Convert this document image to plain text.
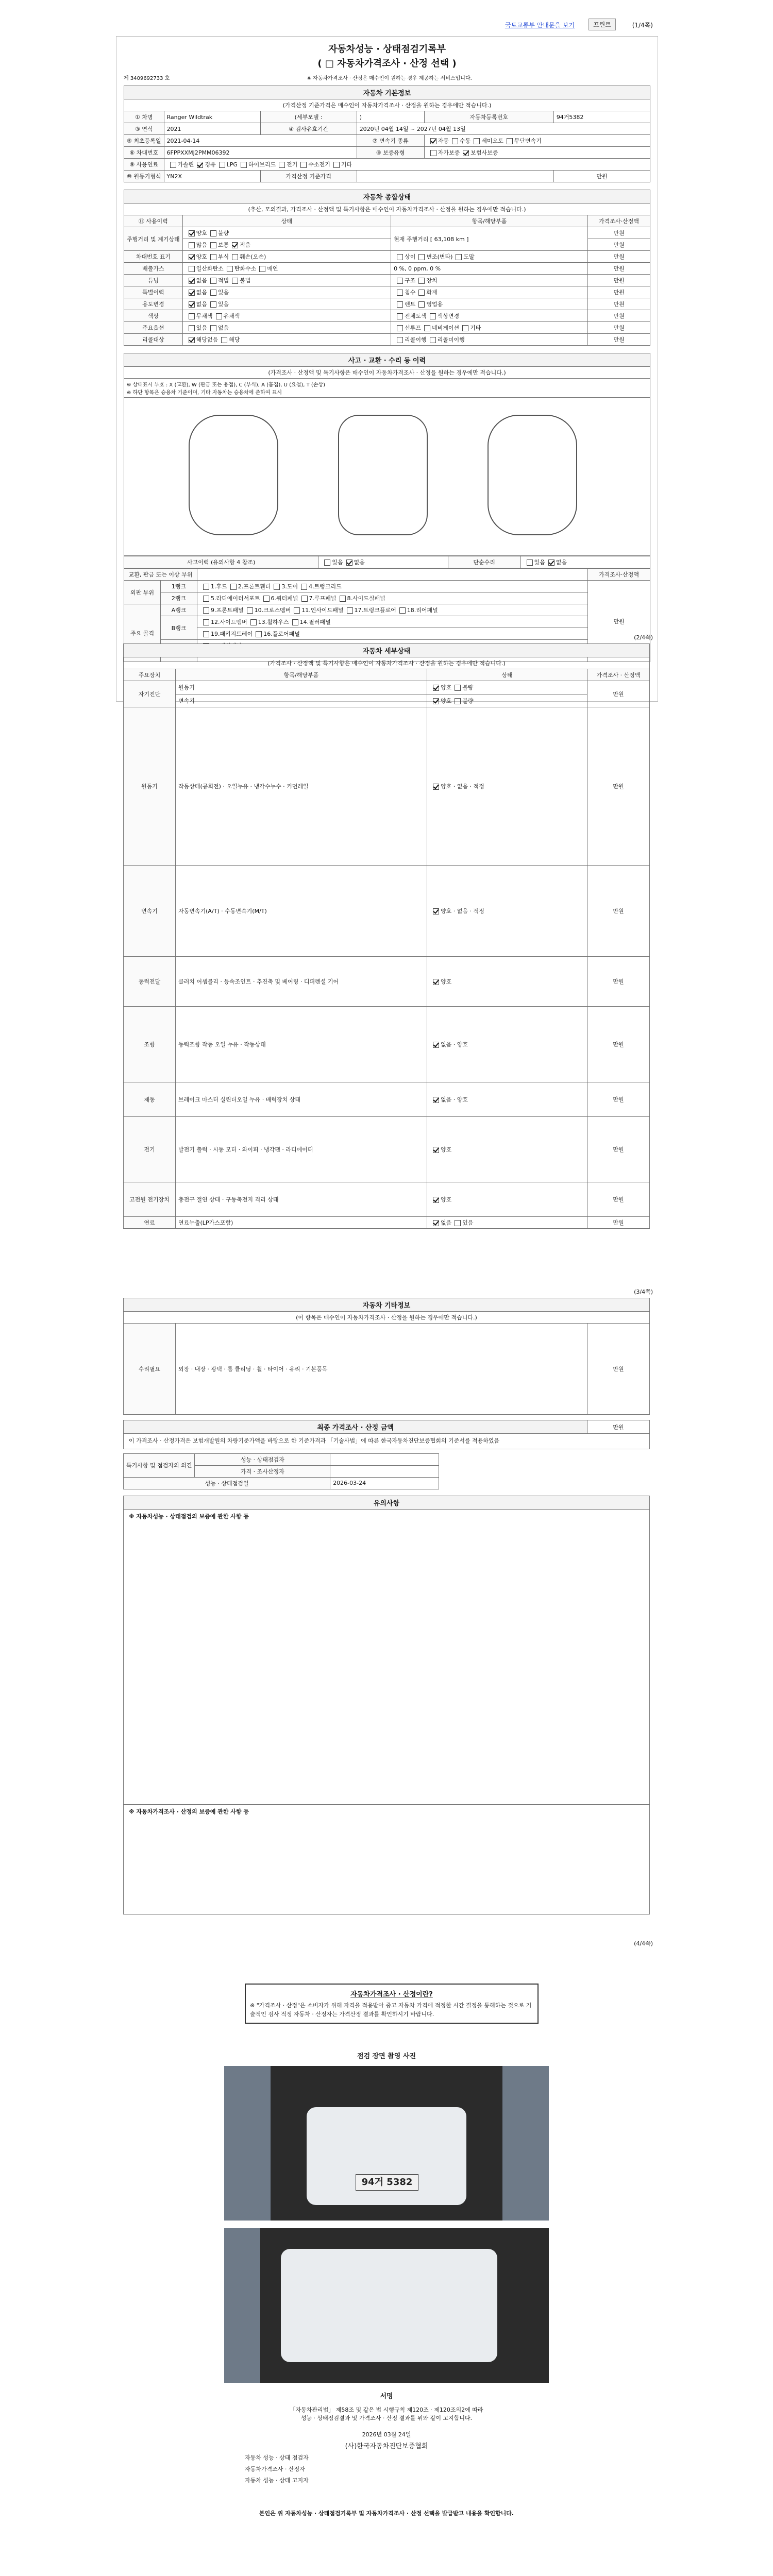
국토교통부 안내문을 보기	프린트	(1/4쪽)
자동차성능 · 상태점검기록부
( □ 자동차가격조사 · 산정 선택 )
제 3409692733 호	※ 자동차가격조사 · 산정은 매수인이 원하는 경우 제공하는 서비스입니다.
자동차 기본정보					
(가격산정 기준가격은 매수인이 자동차가격조사 · 산정을 원하는 경우에만 적습니다.)					
① 차명	Ranger Wildtrak	(세부모델 :	)	자동차등록번호	94거5382
③ 연식	2021	④ 검사유효기간	2020년 04월 14일 ~ 2027년 04월 13일		
⑤ 최초등록일	2021-04-14		⑦ 변속기 종류	자동 수동 세미오토 무단변속기	
⑥ 차대번호	6FPPXXMJ2PMM06392		⑧ 보증유형	자가보증 보험사보증	
⑨ 사용연료	가솔린 경유 LPG 하이브리드 전기 수소전기 기타				
⑩ 원동기형식	YN2X	가격산정 기준가격			만원
자동차 종합상태			
(추산, 모의결과, 가격조사 · 산정액 및 특기사항은 매수인이 자동차가격조사 · 산정을 원하는 경우에만 적습니다.)			
⑪ 사용이력	상태	항목/해당부품	가격조사·산정액
주행거리 및 계기상태	양호 불량	현재 주행거리 [ 63,108 km ]	만원
	많음 보통 적음		만원
차대번호 표기	양호 부식 훼손(오손)	상이 변조(변타) 도말	만원
배출가스	일산화탄소 탄화수소 매연	0 %, 0 ppm, 0 %	만원
튜닝	없음 적법 불법	구조 장치	만원
특별이력	없음 있음	침수 화재	만원
용도변경	없음 있음	렌트 영업용	만원
색상	무채색 유채색	전체도색 색상변경	만원
주요옵션	있음 없음	선루프 네비게이션 기타	만원
리콜대상	해당없음 해당	리콜이행 리콜미이행	만원
사고 · 교환 · 수리 등 이력
(가격조사 · 산정액 및 특기사항은 매수인이 자동차가격조사 · 산정을 원하는 경우에만 적습니다.)

※ 상태표시 부호 : X (교환), W (판금 또는 용접), C (부식), A (흠집), U (요철), T (손상)
※ 하단 항목은 승용차 기준이며, 기타 자동차는 승용차에 준하여 표시

사고이력 (유의사항 4 참조)	있음 없음	단순수리	있음 없음
교환, 판금 또는 이상 부위			가격조사·산정액
외판 부위	1랭크	1.후드 2.프론트휀더 3.도어 4.트렁크리드	만원
	2랭크	5.라디에이터서포트 6.쿼터패널 7.루프패널 8.사이드실패널	
주요 골격	A랭크	9.프론트패널 10.크로스멤버 11.인사이드패널 17.트렁크플로어 18.리어패널	
	B랭크	12.사이드멤버 13.휠하우스 14.필러패널	
		19.패키지트레이 16.플로어패널	

(2/4쪽)
자동차 세부상태			
(가격조사 · 산정액 및 특기사항은 매수인이 자동차가격조사 · 산정을 원하는 경우에만 적습니다.)			
주요장치	항목/해당부품	상태	가격조사 · 산정액
자기진단	원동기	양호 불량	만원
	변속기	양호 불량	
원동기	작동상태(공회전) · 오일누유 · 냉각수누수 · 커먼레일	양호 · 없음 · 적정	만원
변속기	자동변속기(A/T) · 수동변속기(M/T)	양호 · 없음 · 적정	만원
동력전달	클러치 어셈블리 · 등속조인트 · 추진축 및 베어링 · 디퍼렌셜 기어	양호	만원
조향	동력조향 작동 오일 누유 · 작동상태	없음 · 양호	만원
제동	브레이크 마스터 실린더오일 누유 · 배력장치 상태	없음 · 양호	만원
전기	발전기 출력 · 시동 모터 · 와이퍼 · 냉각팬 · 라디에이터	양호	만원
고전원 전기장치	충전구 절연 상태 · 구동축전지 격리 상태	양호	만원
연료	연료누출(LP가스포함)	없음 있음	만원
(3/4쪽)
자동차 기타정보
(이 항목은 매수인이 자동차가격조사 · 산정을 원하는 경우에만 적습니다.)
수리필요	외장 · 내장 · 광택 · 룸 클리닝 · 휠 · 타이어 · 유리 · 기본품목	만원
최종 가격조사 · 산정 금액	만원
이 가격조사 · 산정가격은 보험개발원의 차량기준가액을 바탕으로 한 기준가격과 「기술사법」에 따른 한국자동차진단보증협회의 기준서를 적용하였음
특기사항 및 점검자의 의견	성능 · 상태점검자	
	가격 · 조사산정자	
성능 · 상태점검일		2026-03-24
유의사항
※ 자동차성능 · 상태점검의 보증에 관한 사항 등
※ 자동차가격조사 · 산정의 보증에 관한 사항 등
(4/4쪽)
자동차가격조사 · 산정이란?
※ "가격조사 · 산정"은 소비자가 위해 자격을 적용받아 중고 자동차 가격에 적정한 시간 결정을 통해하는 것으로 기술적인 검사 적정 자동차 · 산정자는 가격산정 결과를 확인하시기 바랍니다.
점검 장면 촬영 사진
94거 5382
서명
「자동차관리법」 제58조 및 같은 법 시행규칙 제120조 · 제120조의2에 따라
성능 · 상태점검결과 및 가격조사 · 산정 결과를 위와 같이 고지합니다.
2026년 03월 24일
(사)한국자동차진단보증협회
자동차 성능 · 상태 점검자
자동차가격조사 · 산정자
자동차 성능 · 상태 고지자
본인은 위 자동차성능 · 상태점검기록부 및 자동차가격조사 · 산정 선택을 발급받고 내용을 확인합니다.
